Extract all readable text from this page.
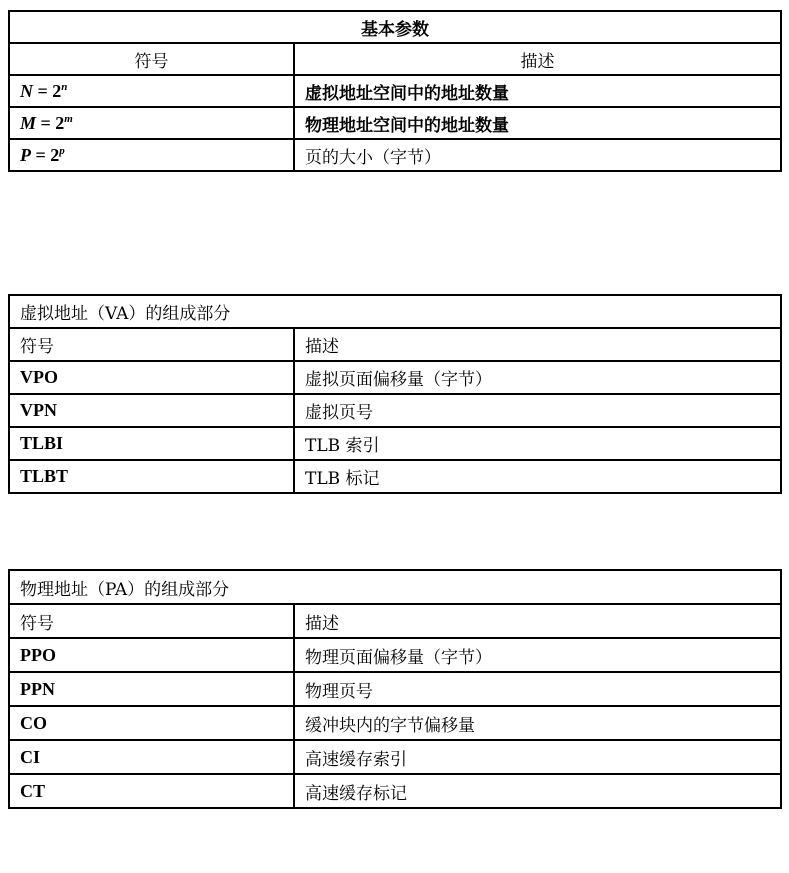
基本参数	
符号	描述
$N = 2^n$	虚拟地址空间中的地址数量
$M = 2^m$	物理地址空间中的地址数量
$P = 2^p$	页的大小（字节）
虚拟地址（VA）的组成部分	
符号	描述
VPO	虚拟页面偏移量（字节）
VPN	虚拟页号
TLBI	TLB 索引
TLBT	TLB 标记
物理地址（PA）的组成部分	
符号	描述
PPO	物理页面偏移量（字节）
PPN	物理页号
CO	缓冲块内的字节偏移量
CI	高速缓存索引
CT	高速缓存标记
